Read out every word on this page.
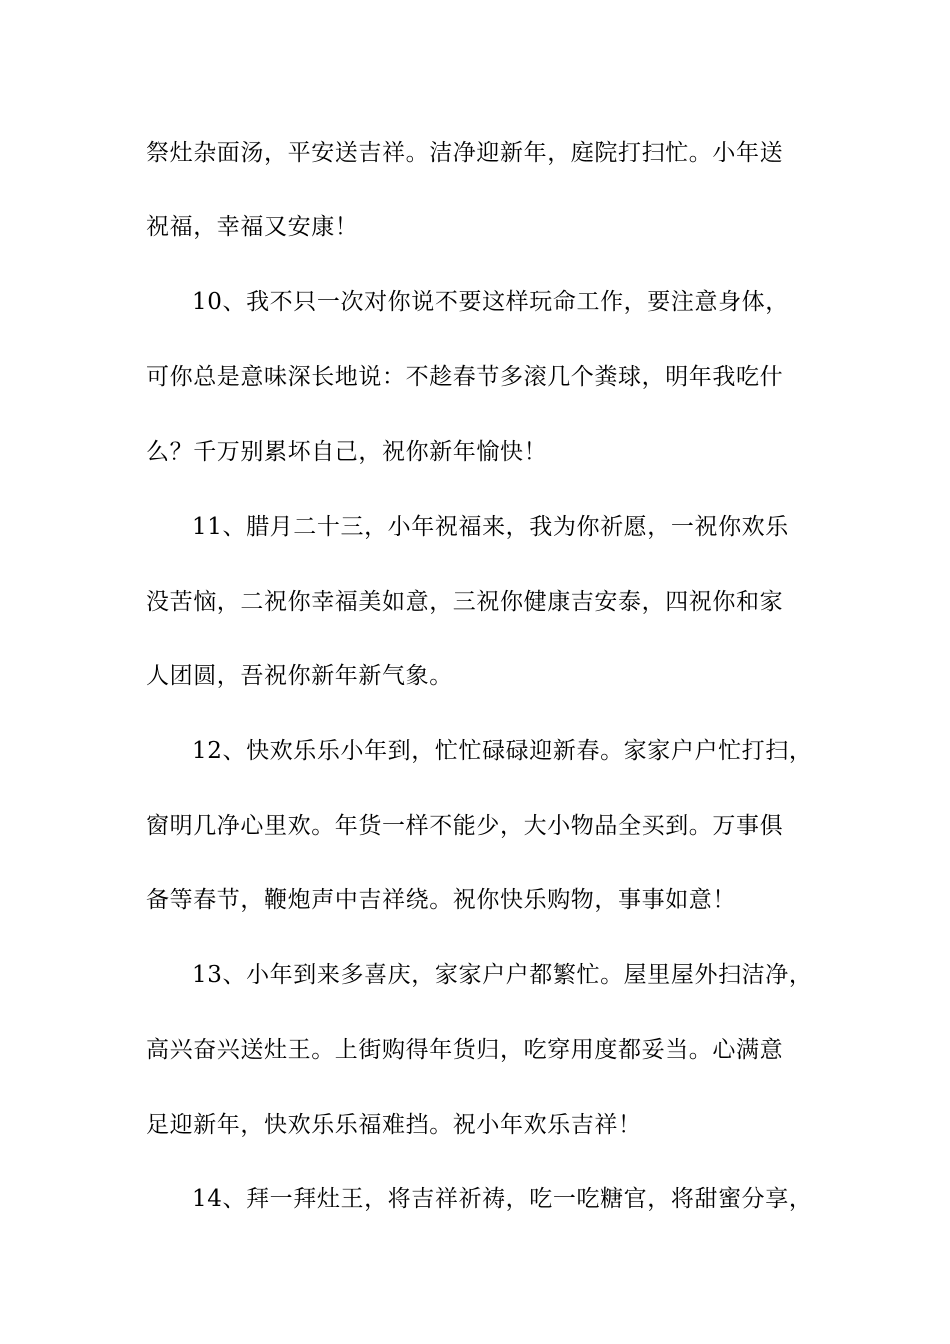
祭灶杂面汤，平安送吉祥。洁净迎新年，庭院打扫忙。小年送
祝福，幸福又安康！
10、我不只一次对你说不要这样玩命工作，要注意身体，
可你总是意味深长地说：不趁春节多滚几个粪球，明年我吃什
么？千万别累坏自己，祝你新年愉快！
11、腊月二十三，小年祝福来，我为你祈愿，一祝你欢乐
没苦恼，二祝你幸福美如意，三祝你健康吉安泰，四祝你和家
人团圆，吾祝你新年新气象。
12、快欢乐乐小年到，忙忙碌碌迎新春。家家户户忙打扫，
窗明几净心里欢。年货一样不能少，大小物品全买到。万事俱
备等春节，鞭炮声中吉祥绕。祝你快乐购物，事事如意！
13、小年到来多喜庆，家家户户都繁忙。屋里屋外扫洁净，
高兴奋兴送灶王。上街购得年货归，吃穿用度都妥当。心满意
足迎新年，快欢乐乐福难挡。祝小年欢乐吉祥！
14、拜一拜灶王，将吉祥祈祷，吃一吃糖官，将甜蜜分享，
